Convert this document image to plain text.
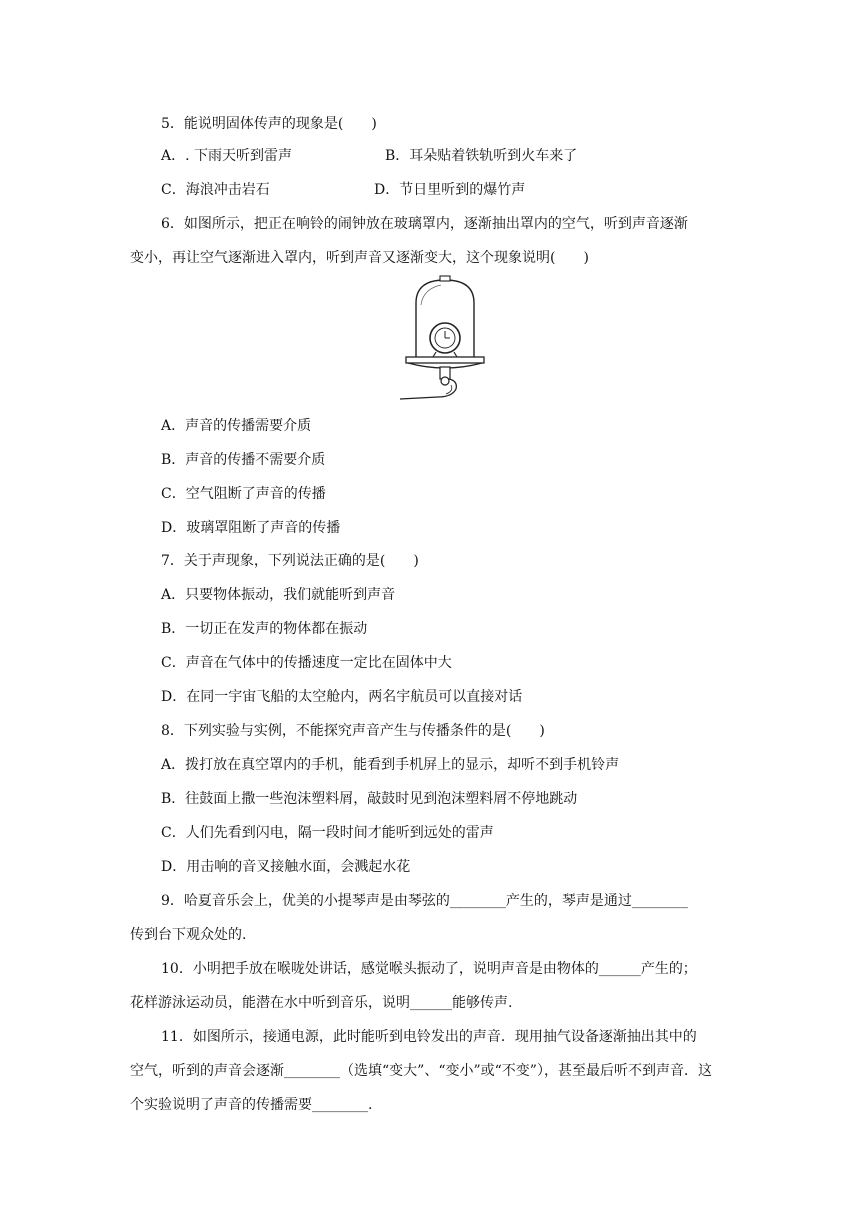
5．能说明固体传声的现象是(　　)
A．. 下雨天听到雷声	B．耳朵贴着铁轨听到火车来了
C．海浪冲击岩石	D．节日里听到的爆竹声
6．如图所示，把正在响铃的闹钟放在玻璃罩内，逐渐抽出罩内的空气，听到声音逐渐
变小，再让空气逐渐进入罩内，听到声音又逐渐变大，这个现象说明(　　)
A．声音的传播需要介质
B．声音的传播不需要介质
C．空气阻断了声音的传播
D．玻璃罩阻断了声音的传播
7．关于声现象，下列说法正确的是(　　)
A．只要物体振动，我们就能听到声音
B．一切正在发声的物体都在振动
C．声音在气体中的传播速度一定比在固体中大
D．在同一宇宙飞船的太空舱内，两名宇航员可以直接对话
8．下列实验与实例，不能探究声音产生与传播条件的是(　　)
A．拨打放在真空罩内的手机，能看到手机屏上的显示，却听不到手机铃声
B．往鼓面上撒一些泡沫塑料屑，敲鼓时见到泡沫塑料屑不停地跳动
C．人们先看到闪电，隔一段时间才能听到远处的雷声
D．用击响的音叉接触水面，会溅起水花
9．哈夏音乐会上，优美的小提琴声是由琴弦的________产生的，琴声是通过________
传到台下观众处的.
10．小明把手放在喉咙处讲话，感觉喉头振动了，说明声音是由物体的______产生的；
花样游泳运动员，能潜在水中听到音乐，说明______能够传声.
11．如图所示，接通电源，此时能听到电铃发出的声音．现用抽气设备逐渐抽出其中的
空气，听到的声音会逐渐________（选填“变大”、“变小”或“不变”），甚至最后听不到声音．这
个实验说明了声音的传播需要________.
